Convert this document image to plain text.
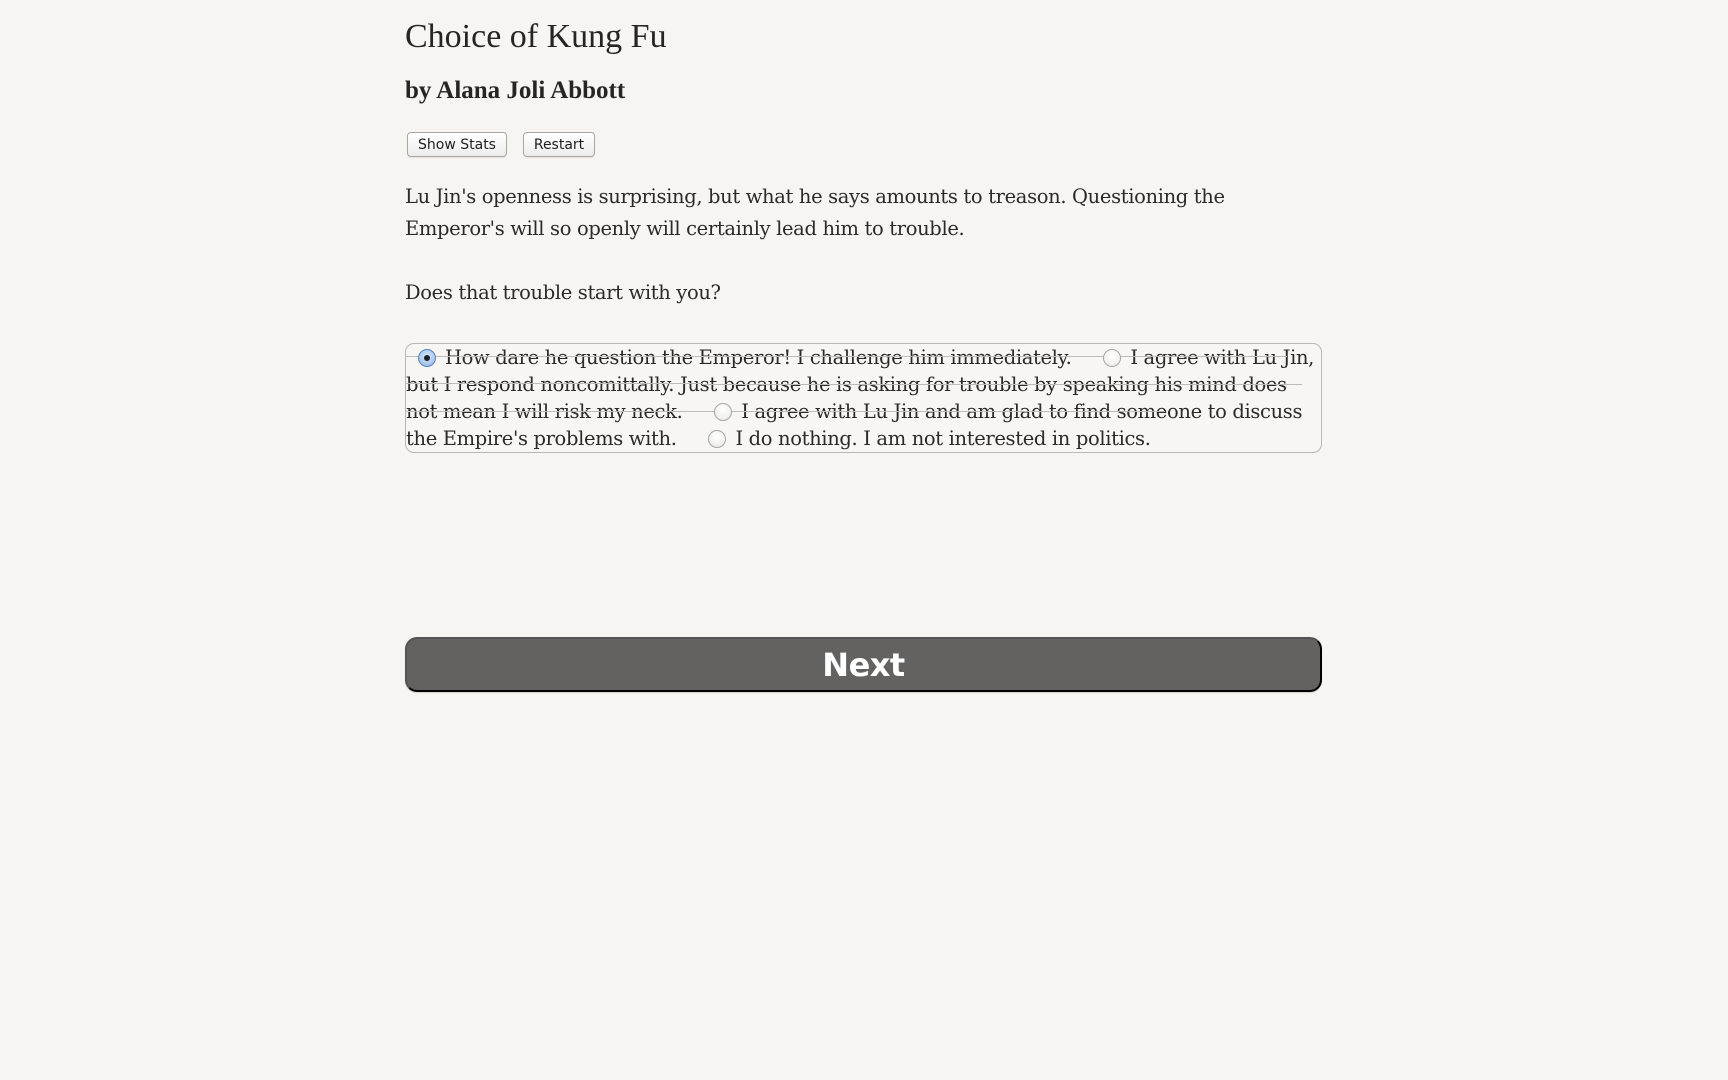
Choice of Kung Fu
by Alana Joli Abbott
Show Stats	Restart

Lu Jin's openness is surprising, but what he says amounts to treason. Questioning the Emperor's will so openly will certainly lead him to trouble.

Does that trouble start with you?

How dare he question the Emperor! I challenge him immediately.	I agree with Lu Jin, but I respond noncomittally. Just because he is asking for trouble by speaking his mind does not mean I will risk my neck.	I agree with Lu Jin and am glad to find someone to discuss the Empire's problems with.	I do nothing. I am not interested in politics.
Next
